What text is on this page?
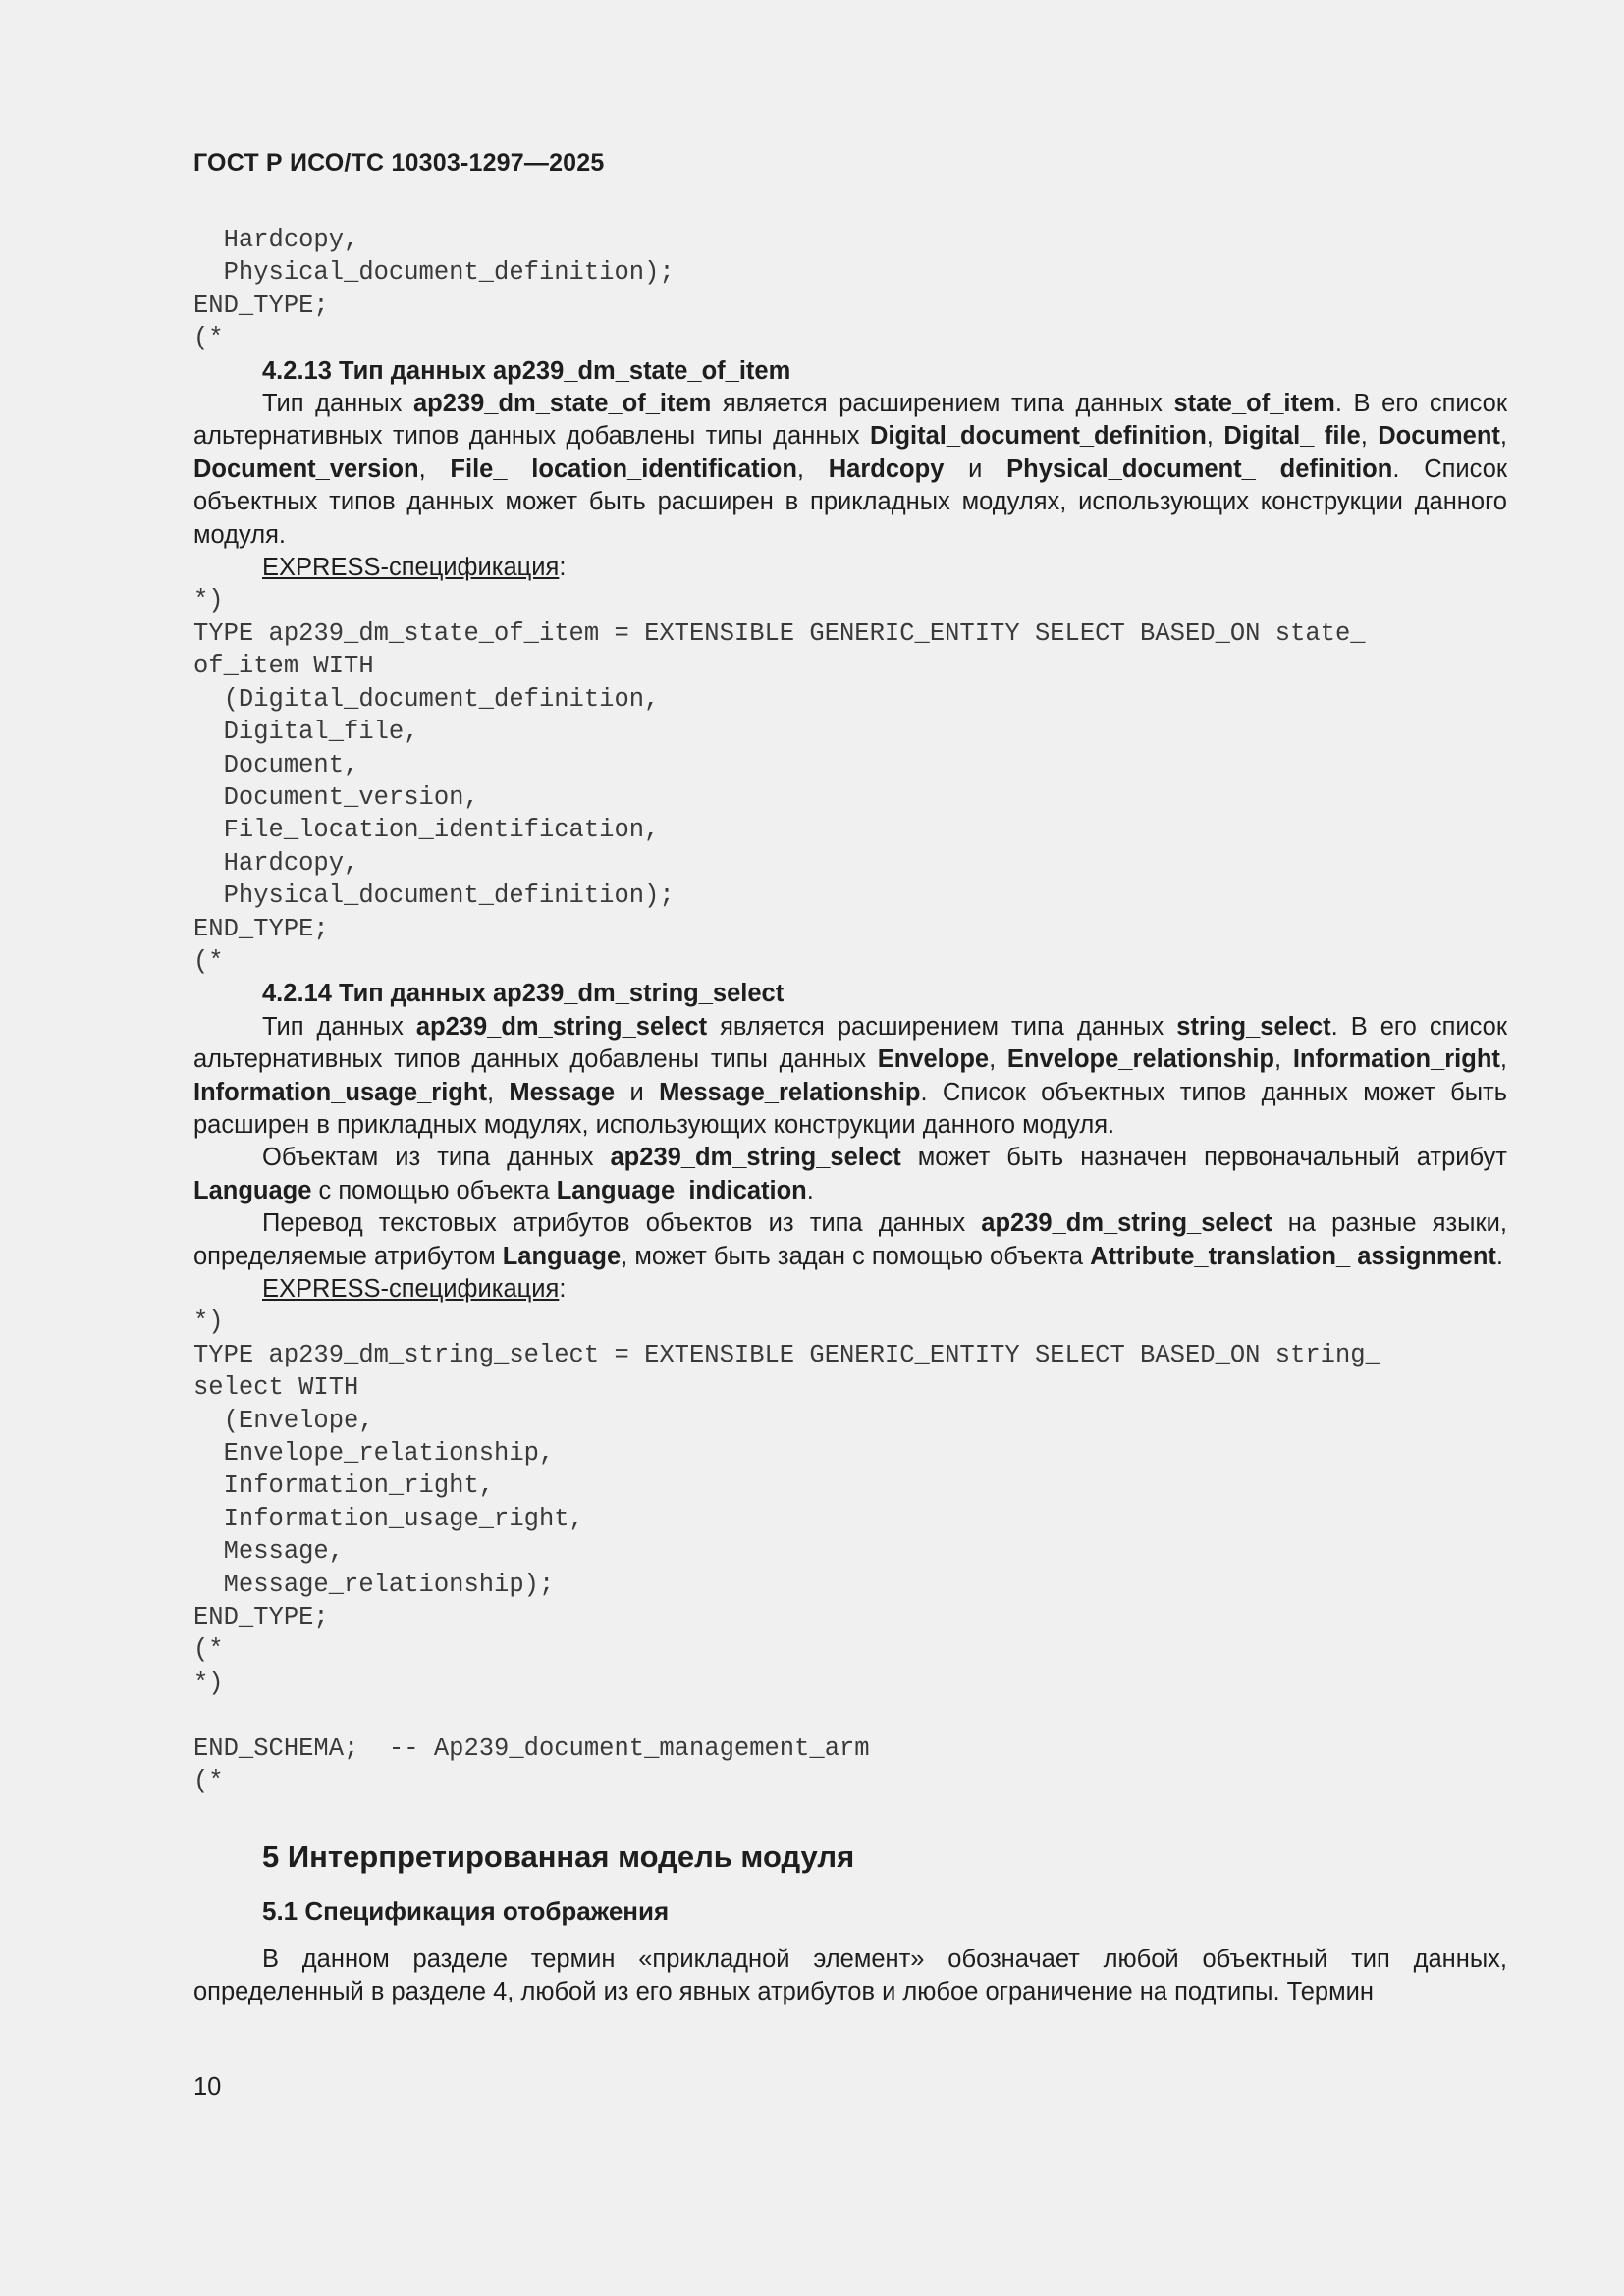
ГОСТ Р ИСО/ТС 10303-1297—2025
Hardcopy,
Physical_document_definition);
END_TYPE;
(*

4.2.13 Тип данных ap239_dm_state_of_item

Тип данных ap239_dm_state_of_item является расширением типа данных state_of_item. В его список альтернативных типов данных добавлены типы данных Digital_document_definition, Digital_ file, Document, Document_version, File_ location_identification, Hardcopy и Physical_document_ definition. Список объектных типов данных может быть расширен в прикладных модулях, использующих конструкции данного модуля.

EXPRESS-спецификация:

*)
TYPE ap239_dm_state_of_item = EXTENSIBLE GENERIC_ENTITY SELECT BASED_ON state_
of_item WITH
(Digital_document_definition,
Digital_file,
Document,
Document_version,
File_location_identification,
Hardcopy,
Physical_document_definition);
END_TYPE;
(*

4.2.14 Тип данных ap239_dm_string_select

Тип данных ap239_dm_string_select является расширением типа данных string_select. В его список альтернативных типов данных добавлены типы данных Envelope, Envelope_relationship, Information_right, Information_usage_right, Message и Message_relationship. Список объектных типов данных может быть расширен в прикладных модулях, использующих конструкции данного модуля.

Объектам из типа данных ap239_dm_string_select может быть назначен первоначальный атрибут Language с помощью объекта Language_indication.

Перевод текстовых атрибутов объектов из типа данных ap239_dm_string_select на разные языки, определяемые атрибутом Language, может быть задан с помощью объекта Attribute_translation_ assignment.

EXPRESS-спецификация:

*)
TYPE ap239_dm_string_select = EXTENSIBLE GENERIC_ENTITY SELECT BASED_ON string_
select WITH
(Envelope,
Envelope_relationship,
Information_right,
Information_usage_right,
Message,
Message_relationship);
END_TYPE;
(*
*)

END_SCHEMA;  -- Ap239_document_management_arm
(*

5 Интерпретированная модель модуля

5.1 Спецификация отображения

В данном разделе термин «прикладной элемент» обозначает любой объектный тип данных, определенный в разделе 4, любой из его явных атрибутов и любое ограничение на подтипы. Термин

10
